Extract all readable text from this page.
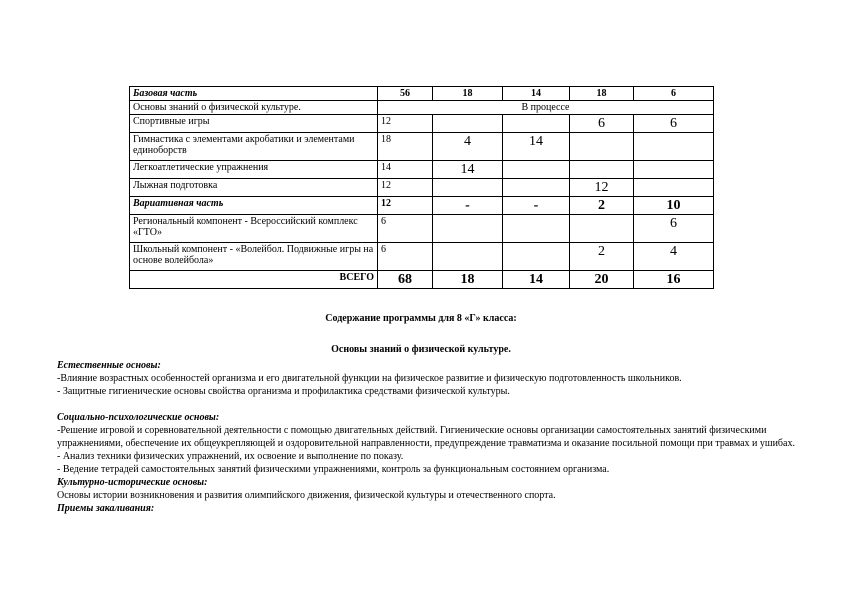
Базовая часть	56	18	14	18	6
Основы знаний о физической культуре.	В процессе				
Спортивные игры	12			6	6
Гимнастика с элементами акробатики и элементами единоборств	18	4	14		
Легкоатлетические упражнения	14	14			
Лыжная подготовка	12			12	
Вариативная часть	12	-	-	2	10
Региональный компонент - Всероссийский комплекс «ГТО»	6				6
Школьный компонент - «Волейбол. Подвижные игры на основе волейбола»	6			2	4
ВСЕГО	68	18	14	20	16
Содержание программы для 8 «Г» класса:
Основы знаний о физической культуре.

Естественные основы:

-Влияние возрастных особенностей организма и его двигательной функции на физическое развитие и физическую подготовленность школьников.

- Защитные гигиенические основы свойства организма и профилактика средствами физической культуры.

Социально-психологические основы:

-Решение игровой и соревновательной деятельности с помощью двигательных действий. Гигиенические основы организации самостоятельных занятий физическими упражнениями, обеспечение их общеукрепляющей и оздоровительной направленности, предупреждение травматизма и оказание посильной помощи при травмах и ушибах.

- Анализ техники физических упражнений, их освоение и выполнение по показу.

- Ведение тетрадей самостоятельных занятий физическими упражнениями, контроль за функциональным состоянием организма.

Культурно-исторические основы:

Основы истории возникновения и развития олимпийского движения, физической культуры и отечественного спорта.

Приемы закаливания:
